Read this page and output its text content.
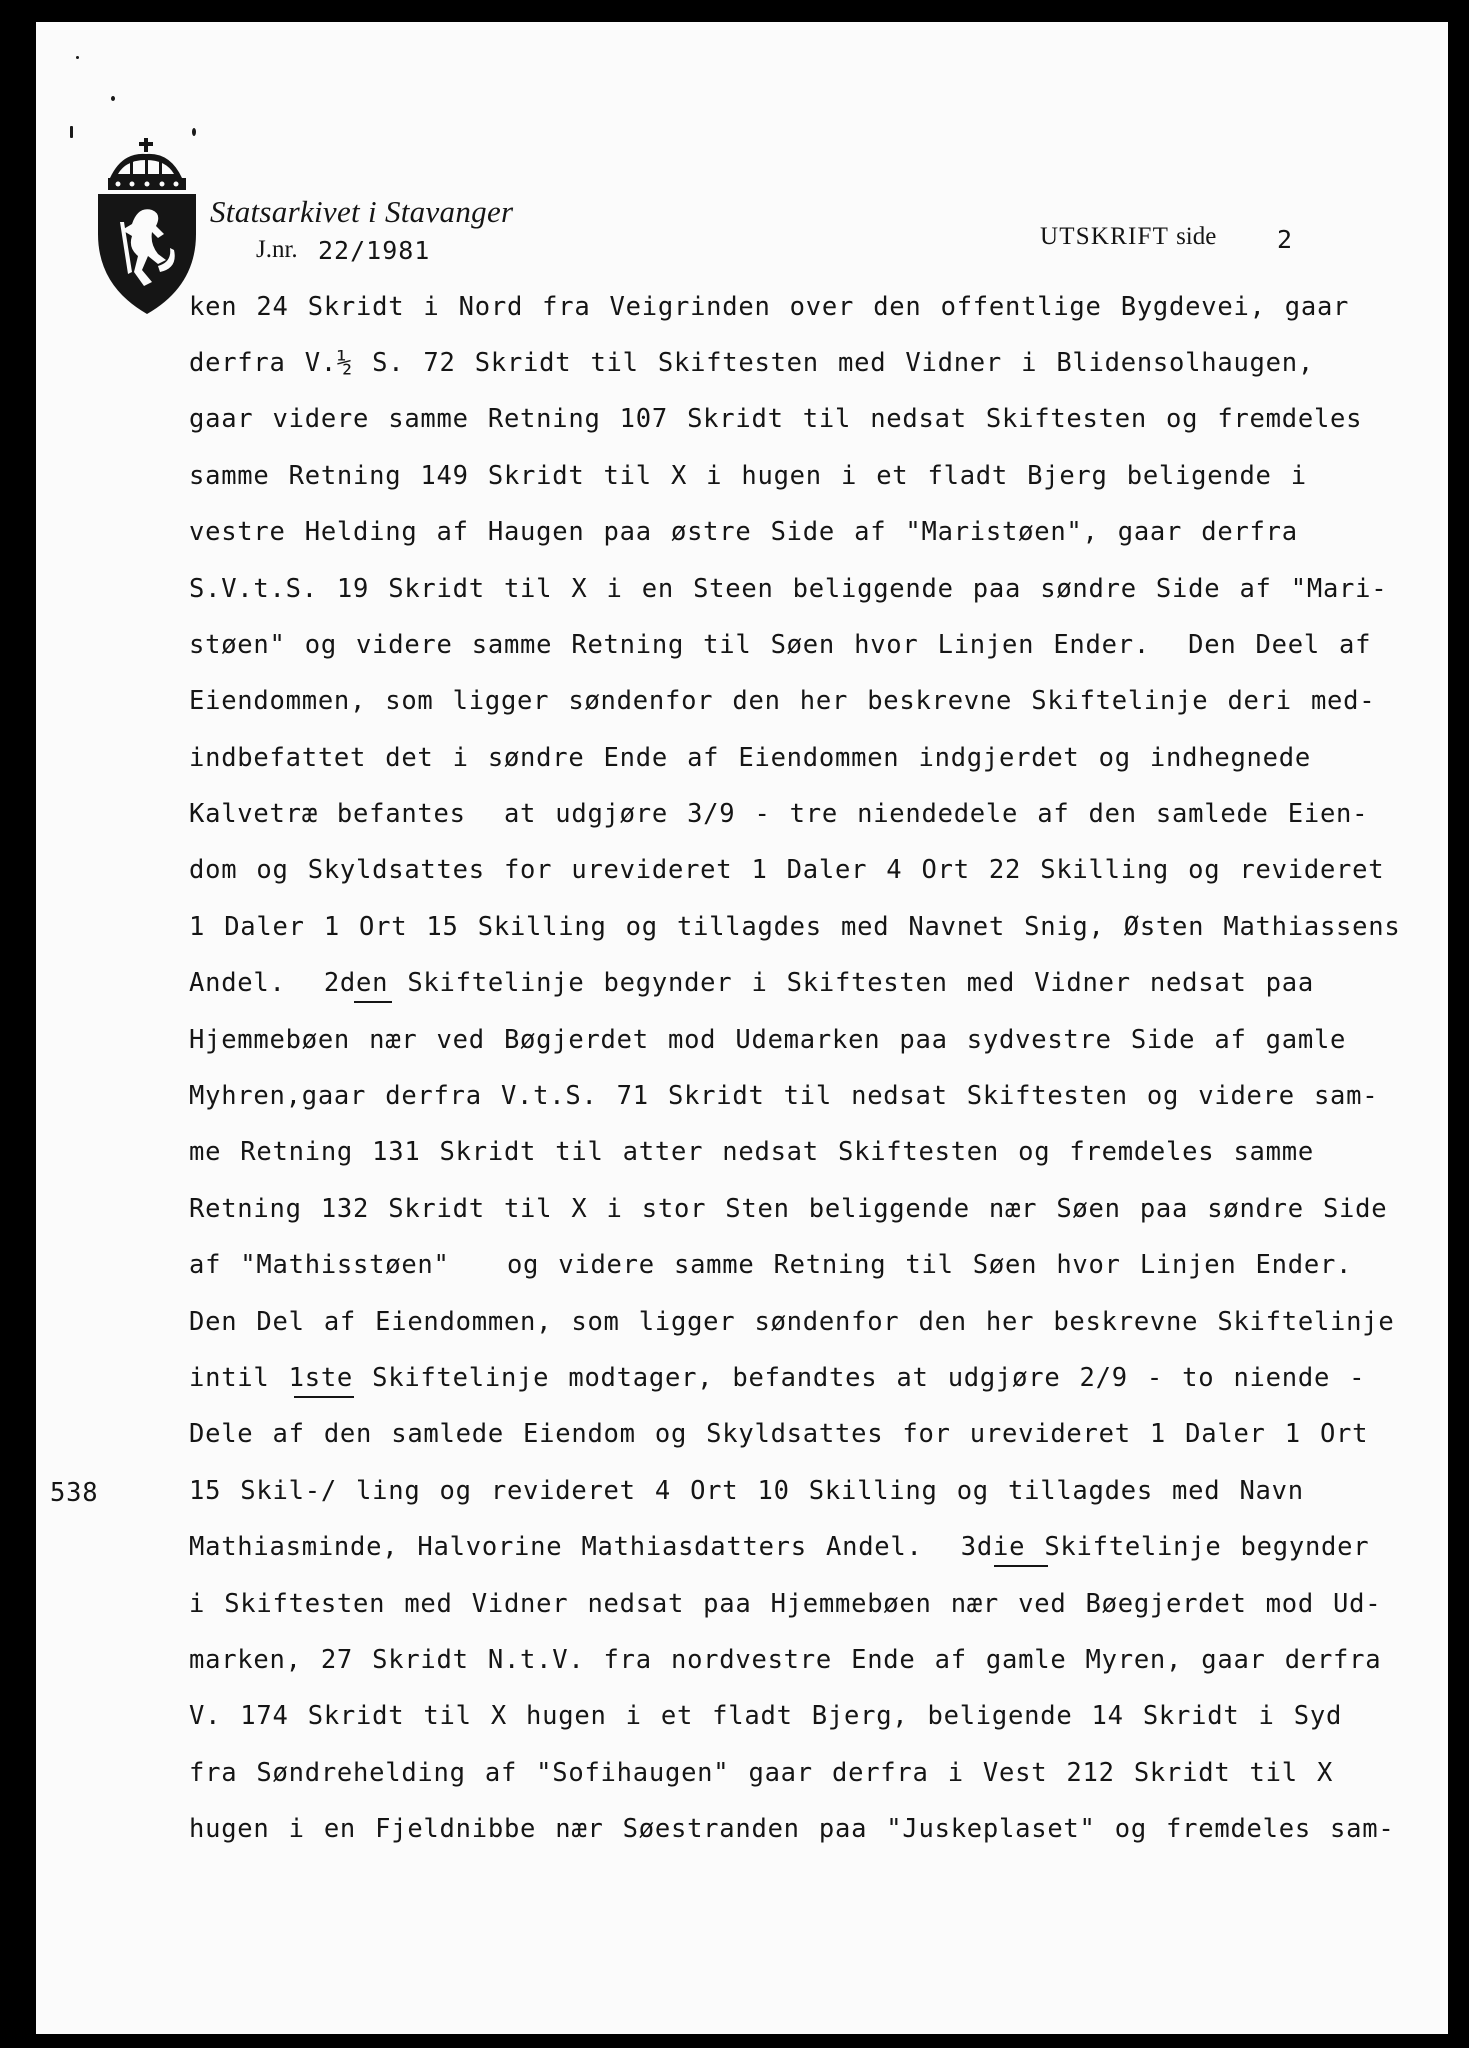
Statsarkivet i Stavanger
J.nr. 22/1981	UTSKRIFT side 2
ken 24 Skridt i Nord fra Veigrinden over den offentlige Bygdevei, gaar
derfra V.½ S. 72 Skridt til Skiftesten med Vidner i Blidensolhaugen,
gaar videre samme Retning 107 Skridt til nedsat Skiftesten og fremdeles
samme Retning 149 Skridt til X i hugen i et fladt Bjerg beligende i
vestre Helding af Haugen paa østre Side af "Maristøen", gaar derfra
S.V.t.S. 19 Skridt til X i en Steen beliggende paa søndre Side af "Mari-
støen" og videre samme Retning til Søen hvor Linjen Ender.  Den Deel af
Eiendommen, som ligger søndenfor den her beskrevne Skiftelinje deri med-
indbefattet det i søndre Ende af Eiendommen indgjerdet og indhegnede
Kalvetræ befantes  at udgjøre 3/9 - tre niendedele af den samlede Eien-
dom og Skyldsattes for urevideret 1 Daler 4 Ort 22 Skilling og revideret
1 Daler 1 Ort 15 Skilling og tillagdes med Navnet Snig, Østen Mathiassens
Andel.  2den Skiftelinje begynder i Skiftesten med Vidner nedsat paa
Hjemmebøen nær ved Bøgjerdet mod Udemarken paa sydvestre Side af gamle
Myhren,gaar derfra V.t.S. 71 Skridt til nedsat Skiftesten og videre sam-
me Retning 131 Skridt til atter nedsat Skiftesten og fremdeles samme
Retning 132 Skridt til X i stor Sten beliggende nær Søen paa søndre Side
af "Mathisstøen"   og videre samme Retning til Søen hvor Linjen Ender.
Den Del af Eiendommen, som ligger søndenfor den her beskrevne Skiftelinje
intil 1ste Skiftelinje modtager, befandtes at udgjøre 2/9 - to niende -
Dele af den samlede Eiendom og Skyldsattes for urevideret 1 Daler 1 Ort
15 Skil-/ ling og revideret 4 Ort 10 Skilling og tillagdes med Navn
Mathiasminde, Halvorine Mathiasdatters Andel.  3die Skiftelinje begynder
i Skiftesten med Vidner nedsat paa Hjemmebøen nær ved Bøegjerdet mod Ud-
marken, 27 Skridt N.t.V. fra nordvestre Ende af gamle Myren, gaar derfra
V. 174 Skridt til X hugen i et fladt Bjerg, beligende 14 Skridt i Syd
fra Søndrehelding af "Sofihaugen" gaar derfra i Vest 212 Skridt til X
hugen i en Fjeldnibbe nær Søestranden paa "Juskeplaset" og fremdeles sam-
538
